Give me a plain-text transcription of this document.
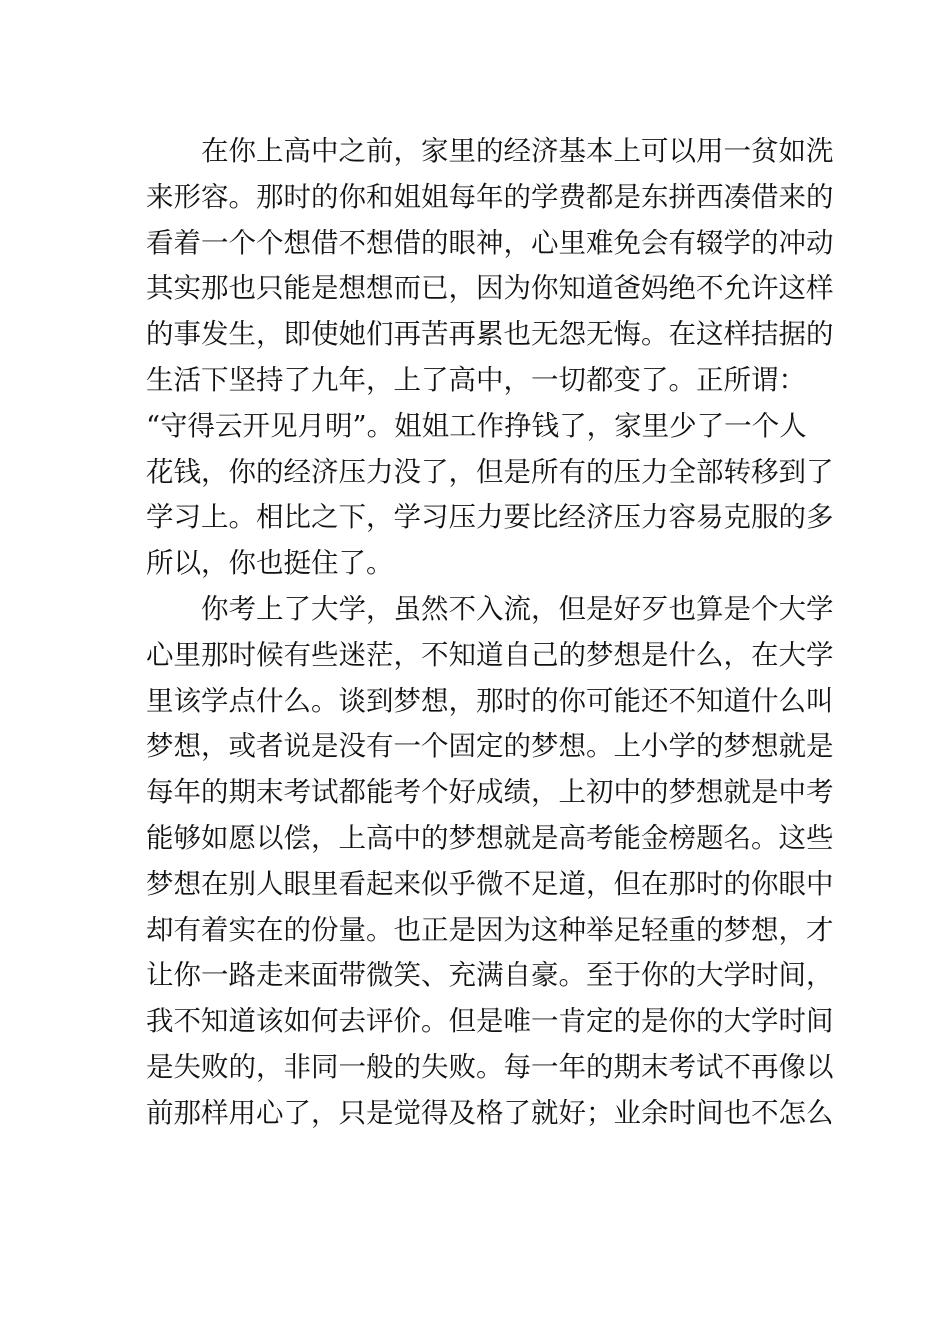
在你上高中之前，家里的经济基本上可以用一贫如洗
来形容。那时的你和姐姐每年的学费都是东拼西凑借来的
看着一个个想借不想借的眼神，心里难免会有辍学的冲动
其实那也只能是想想而已，因为你知道爸妈绝不允许这样
的事发生，即使她们再苦再累也无怨无悔。在这样拮据的
生活下坚持了九年，上了高中，一切都变了。正所谓：
“守得云开见月明”。姐姐工作挣钱了，家里少了一个人
花钱，你的经济压力没了，但是所有的压力全部转移到了
学习上。相比之下，学习压力要比经济压力容易克服的多
所以，你也挺住了。
你考上了大学，虽然不入流，但是好歹也算是个大学
心里那时候有些迷茫，不知道自己的梦想是什么，在大学
里该学点什么。谈到梦想，那时的你可能还不知道什么叫
梦想，或者说是没有一个固定的梦想。上小学的梦想就是
每年的期末考试都能考个好成绩，上初中的梦想就是中考
能够如愿以偿，上高中的梦想就是高考能金榜题名。这些
梦想在别人眼里看起来似乎微不足道，但在那时的你眼中
却有着实在的份量。也正是因为这种举足轻重的梦想，才
让你一路走来面带微笑、充满自豪。至于你的大学时间，
我不知道该如何去评价。但是唯一肯定的是你的大学时间
是失败的，非同一般的失败。每一年的期末考试不再像以
前那样用心了，只是觉得及格了就好；业余时间也不怎么
